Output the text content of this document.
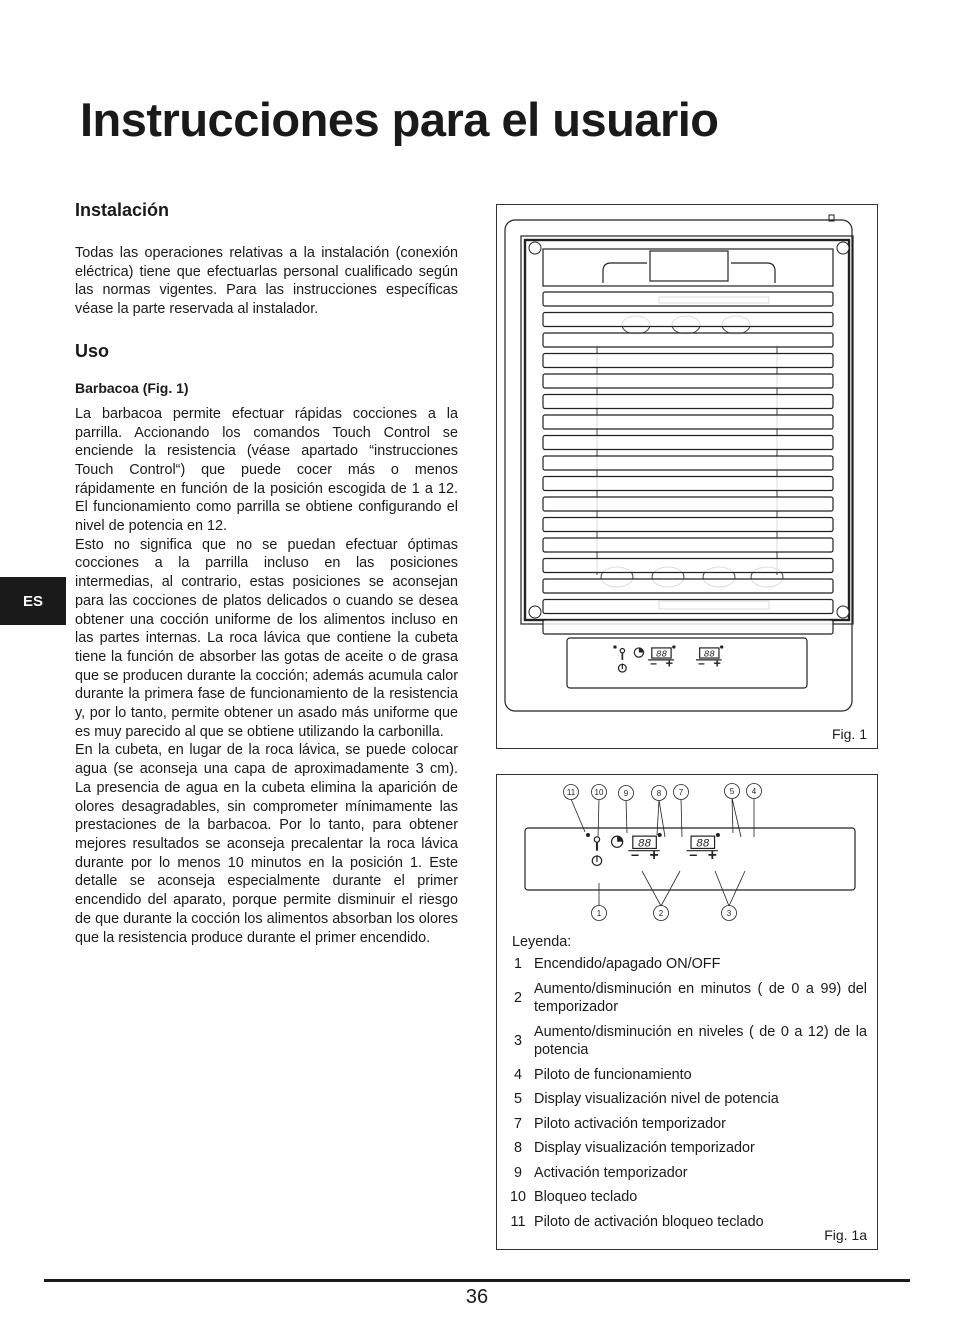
Instrucciones para el usuario
ES
Instalación

Todas las operaciones relativas a la instalación (conexión eléctrica) tiene que efectuarlas personal cualificado según las normas vigentes. Para las instrucciones específicas véase la parte reservada al instalador.

Uso
Barbacoa (Fig. 1)

La barbacoa permite efectuar rápidas cocciones a la parrilla. Accionando los comandos Touch Control se enciende la resistencia (véase apartado “instrucciones Touch Control“) que puede cocer más o menos rápidamente en función de la posición escogida de 1 a 12. El funcionamiento como parrilla se obtiene configurando el nivel de potencia en 12.

Esto no significa que no se puedan efectuar óptimas cocciones a la parrilla incluso en las posiciones intermedias, al contrario, estas posiciones se aconsejan para las cocciones de platos delicados o cuando se desea obtener una cocción uniforme de los alimentos incluso en las partes internas. La roca lávica que contiene la cubeta tiene la función de absorber las gotas de aceite o de grasa que se producen durante la cocción; además acumula calor durante la primera fase de funcionamiento de la resistencia y, por lo tanto, permite obtener un asado más uniforme que es muy parecido al que se obtiene utilizando la carbonilla.

En la cubeta, en lugar de la roca lávica, se puede colocar agua (se aconseja una capa de aproximadamente 3 cm). La presencia de agua en la cubeta elimina la aparición de olores desagradables, sin comprometer mínimamente las prestaciones de la barbacoa. Por lo tanto, para obtener mejores resultados se aconseja precalentar la roca lávica durante por lo menos 10 minutos en la posición 1. Este detalle se aconseja especialmente durante el primer encendido del aparato, porque permite disminuir el riesgo de que durante la cocción los alimentos absorban los olores que la resistencia produce durante el primer encendido.

88
– +
88
– +
Fig. 1
88
– +
88
– +
11 10	9	8 7	5 4
1	2	3
Leyenda:
1 Encendido/apagado ON/OFF
2
Aumento/disminución en minutos ( de 0 a 99) del temporizador
3
Aumento/disminución en niveles ( de 0 a 12) de la potencia
4 Piloto de funcionamiento
5 Display visualización nivel de potencia
7 Piloto activación temporizador
8 Display visualización temporizador
9 Activación temporizador
10 Bloqueo teclado
11 Piloto de activación bloqueo teclado
Fig. 1a
36
